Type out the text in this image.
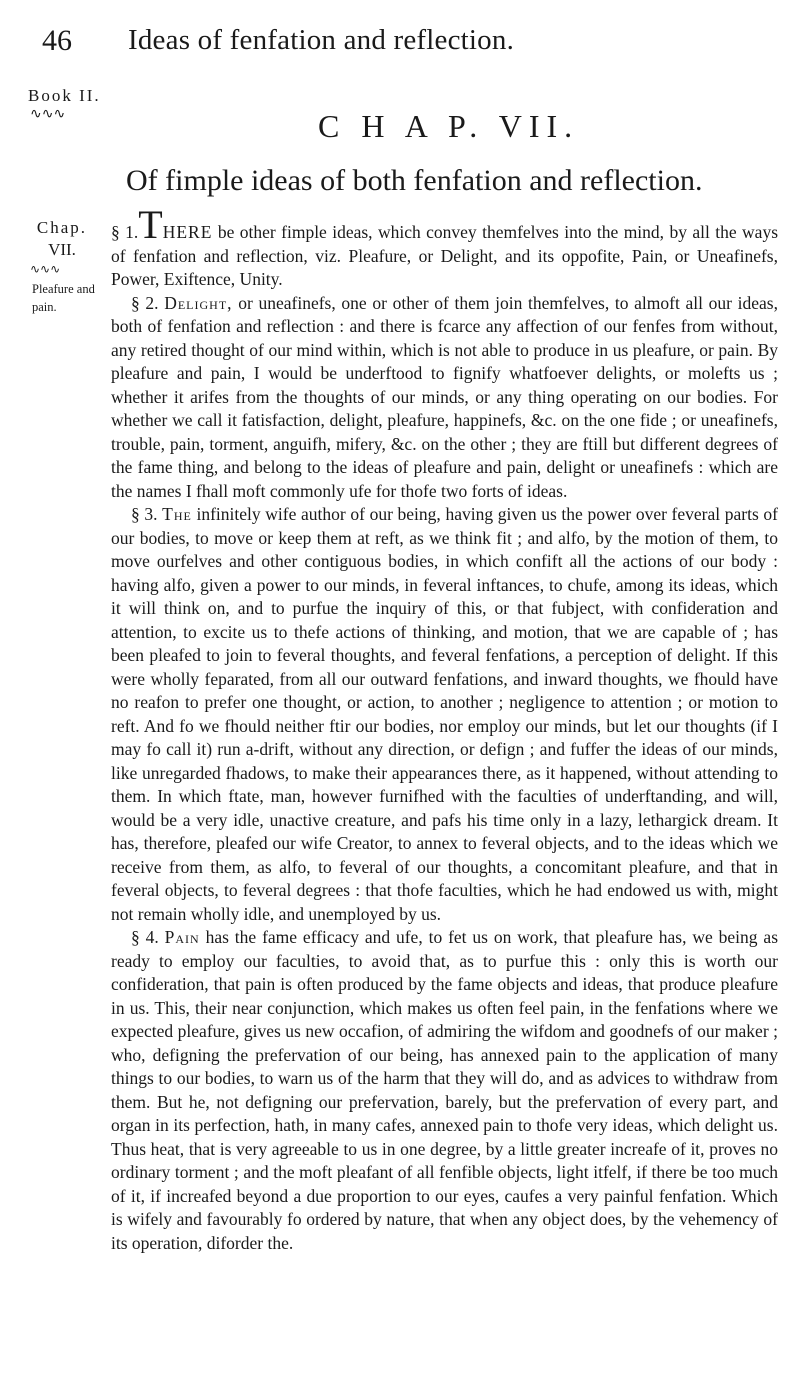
46 Ideas of fenfation and reflection.
Book II.
∿∿∿	C H A P. VII.
Of fimple ideas of both fenfation and reflection.
Chap.
VII.
∿∿∿
Pleafure and pain.

§ 1.THERE be other fimple ideas, which convey themfelves into the mind, by all the ways of fenfation and reflection, viz. Pleafure, or Delight, and its oppofite, Pain, or Uneafinefs, Power, Exiftence, Unity.

§ 2. Delight, or uneafinefs, one or other of them join themfelves, to almoft all our ideas, both of fenfation and reflection : and there is fcarce any affection of our fenfes from without, any retired thought of our mind within, which is not able to produce in us pleafure, or pain. By pleafure and pain, I would be underftood to fignify whatfoever delights, or molefts us ; whether it arifes from the thoughts of our minds, or any thing operating on our bodies. For whether we call it fatisfaction, delight, pleafure, happinefs, &c. on the one fide ; or uneafinefs, trouble, pain, torment, anguifh, mifery, &c. on the other ; they are ftill but different degrees of the fame thing, and belong to the ideas of pleafure and pain, delight or uneafinefs : which are the names I fhall moft commonly ufe for thofe two forts of ideas.

§ 3. The infinitely wife author of our being, having given us the power over feveral parts of our bodies, to move or keep them at reft, as we think fit ; and alfo, by the motion of them, to move ourfelves and other contiguous bodies, in which confift all the actions of our body : having alfo, given a power to our minds, in feveral inftances, to chufe, among its ideas, which it will think on, and to purfue the inquiry of this, or that fubject, with confideration and attention, to excite us to thefe actions of thinking, and motion, that we are capable of ; has been pleafed to join to feveral thoughts, and feveral fenfations, a perception of delight. If this were wholly feparated, from all our outward fenfations, and inward thoughts, we fhould have no reafon to prefer one thought, or action, to another ; negligence to attention ; or motion to reft. And fo we fhould neither ftir our bodies, nor employ our minds, but let our thoughts (if I may fo call it) run a-drift, without any direction, or defign ; and fuffer the ideas of our minds, like unregarded fhadows, to make their appearances there, as it happened, without attending to them. In which ftate, man, however furnifhed with the faculties of underftanding, and will, would be a very idle, unactive creature, and pafs his time only in a lazy, lethargick dream. It has, therefore, pleafed our wife Creator, to annex to feveral objects, and to the ideas which we receive from them, as alfo, to feveral of our thoughts, a concomitant pleafure, and that in feveral objects, to feveral degrees : that thofe faculties, which he had endowed us with, might not remain wholly idle, and unemployed by us.

§ 4. Pain has the fame efficacy and ufe, to fet us on work, that pleafure has, we being as ready to employ our faculties, to avoid that, as to purfue this : only this is worth our confideration, that pain is often produced by the fame objects and ideas, that produce pleafure in us. This, their near conjunction, which makes us often feel pain, in the fenfations where we expected pleafure, gives us new occafion, of admiring the wifdom and goodnefs of our maker ; who, defigning the prefervation of our being, has annexed pain to the application of many things to our bodies, to warn us of the harm that they will do, and as advices to withdraw from them. But he, not defigning our prefervation, barely, but the prefervation of every part, and organ in its perfection, hath, in many cafes, annexed pain to thofe very ideas, which delight us. Thus heat, that is very agreeable to us in one degree, by a little greater increafe of it, proves no ordinary torment ; and the moft pleafant of all fenfible objects, light itfelf, if there be too much of it, if increafed beyond a due proportion to our eyes, caufes a very painful fenfation. Which is wifely and favourably fo ordered by nature, that when any object does, by the vehemency of its operation, diforder the.
